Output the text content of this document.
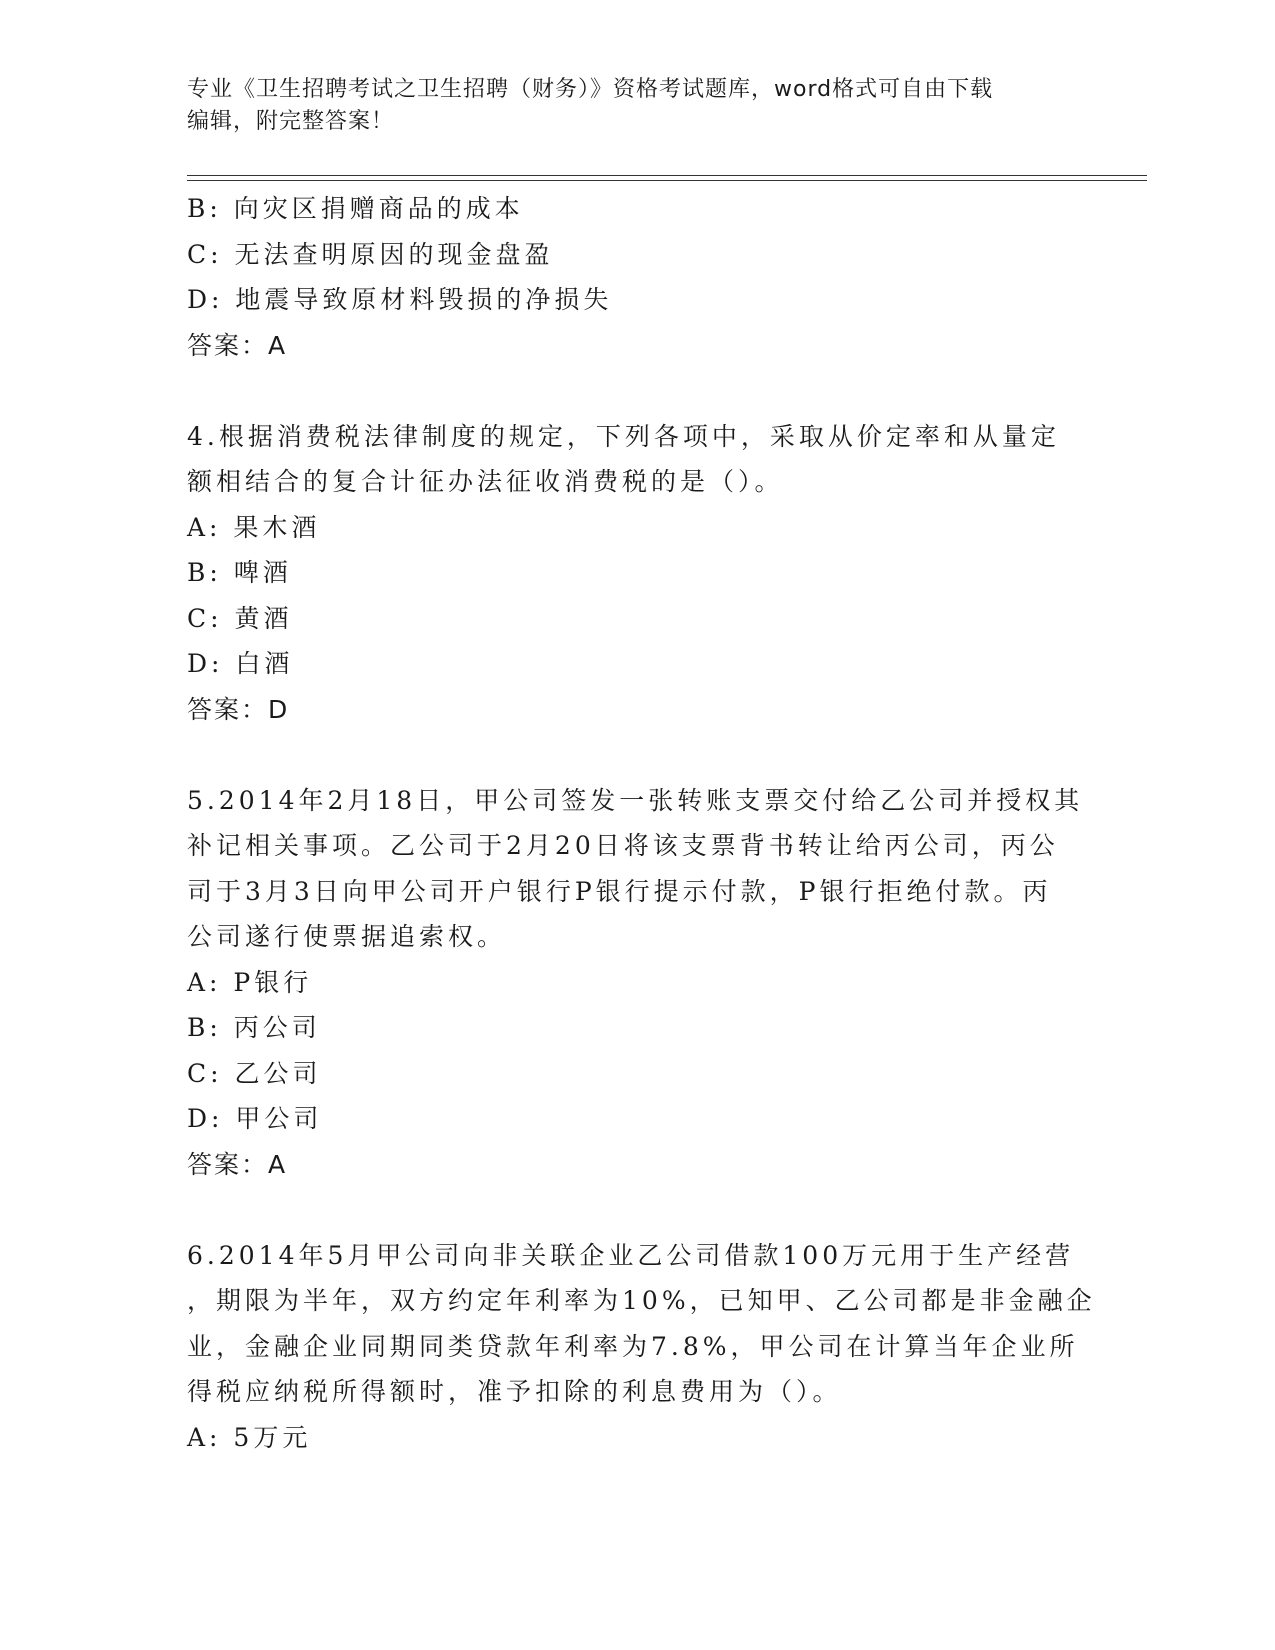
专业《卫生招聘考试之卫生招聘（财务）》资格考试题库，word格式可自由下载
编辑，附完整答案！
B: 向灾区捐赠商品的成本
C: 无法查明原因的现金盘盈
D: 地震导致原材料毁损的净损失
答案：A
4.根据消费税法律制度的规定，下列各项中，采取从价定率和从量定
额相结合的复合计征办法征收消费税的是（）。
A: 果木酒
B: 啤酒
C: 黄酒
D: 白酒
答案：D
5.2014年2月18日，甲公司签发一张转账支票交付给乙公司并授权其
补记相关事项。乙公司于2月20日将该支票背书转让给丙公司，丙公
司于3月3日向甲公司开户银行P银行提示付款，P银行拒绝付款。丙
公司遂行使票据追索权。
A: P银行
B: 丙公司
C: 乙公司
D: 甲公司
答案：A
6.2014年5月甲公司向非关联企业乙公司借款100万元用于生产经营
，期限为半年，双方约定年利率为10%，已知甲、乙公司都是非金融企
业，金融企业同期同类贷款年利率为7.8%，甲公司在计算当年企业所
得税应纳税所得额时，准予扣除的利息费用为（）。
A: 5万元
